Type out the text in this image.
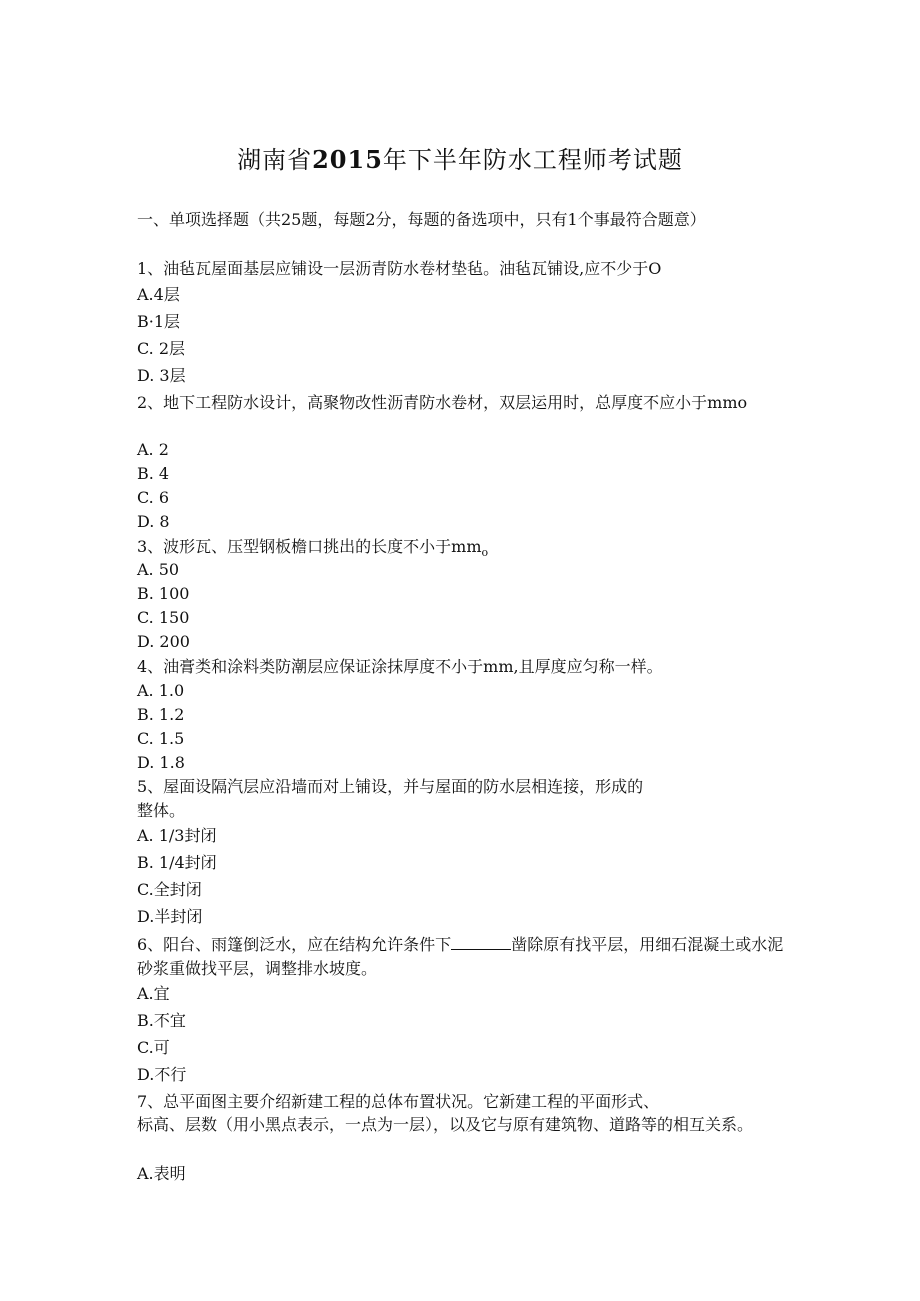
湖南省2015年下半年防水工程师考试题
一、单项选择题（共25题，每题2分，每题的备选项中，只有1个事最符合题意）
1、油毡瓦屋面基层应铺设一层沥青防水卷材垫毡。油毡瓦铺设,应不少于O
A.4层
B·1层
C. 2层
D. 3层
2、地下工程防水设计，高聚物改性沥青防水卷材，双层运用时，总厚度不应小于mmo
A. 2
B. 4
C. 6
D. 8
3、波形瓦、压型钢板檐口挑出的长度不小于$mm_o$
A. 50
B. 100
C. 150
D. 200
4、油膏类和涂料类防潮层应保证涂抹厚度不小于mm,且厚度应匀称一样。
A. 1.0
B. 1.2
C. 1.5
D. 1.8
5、屋面设隔汽层应沿墙而对上铺设，并与屋面的防水层相连接，形成的
整体。
A. 1/3封闭
B. 1/4封闭
C.全封闭
D.半封闭
6、阳台、雨篷倒泛水，应在结构允许条件下	凿除原有找平层，用细石混凝土或水泥砂浆重做找平层，调整排水坡度。
A.宜
B.不宜
C.可
D.不行
7、总平面图主要介绍新建工程的总体布置状况。它新建工程的平面形式、
标高、层数（用小黑点表示，一点为一层），以及它与原有建筑物、道路等的相互关系。
A.表明
